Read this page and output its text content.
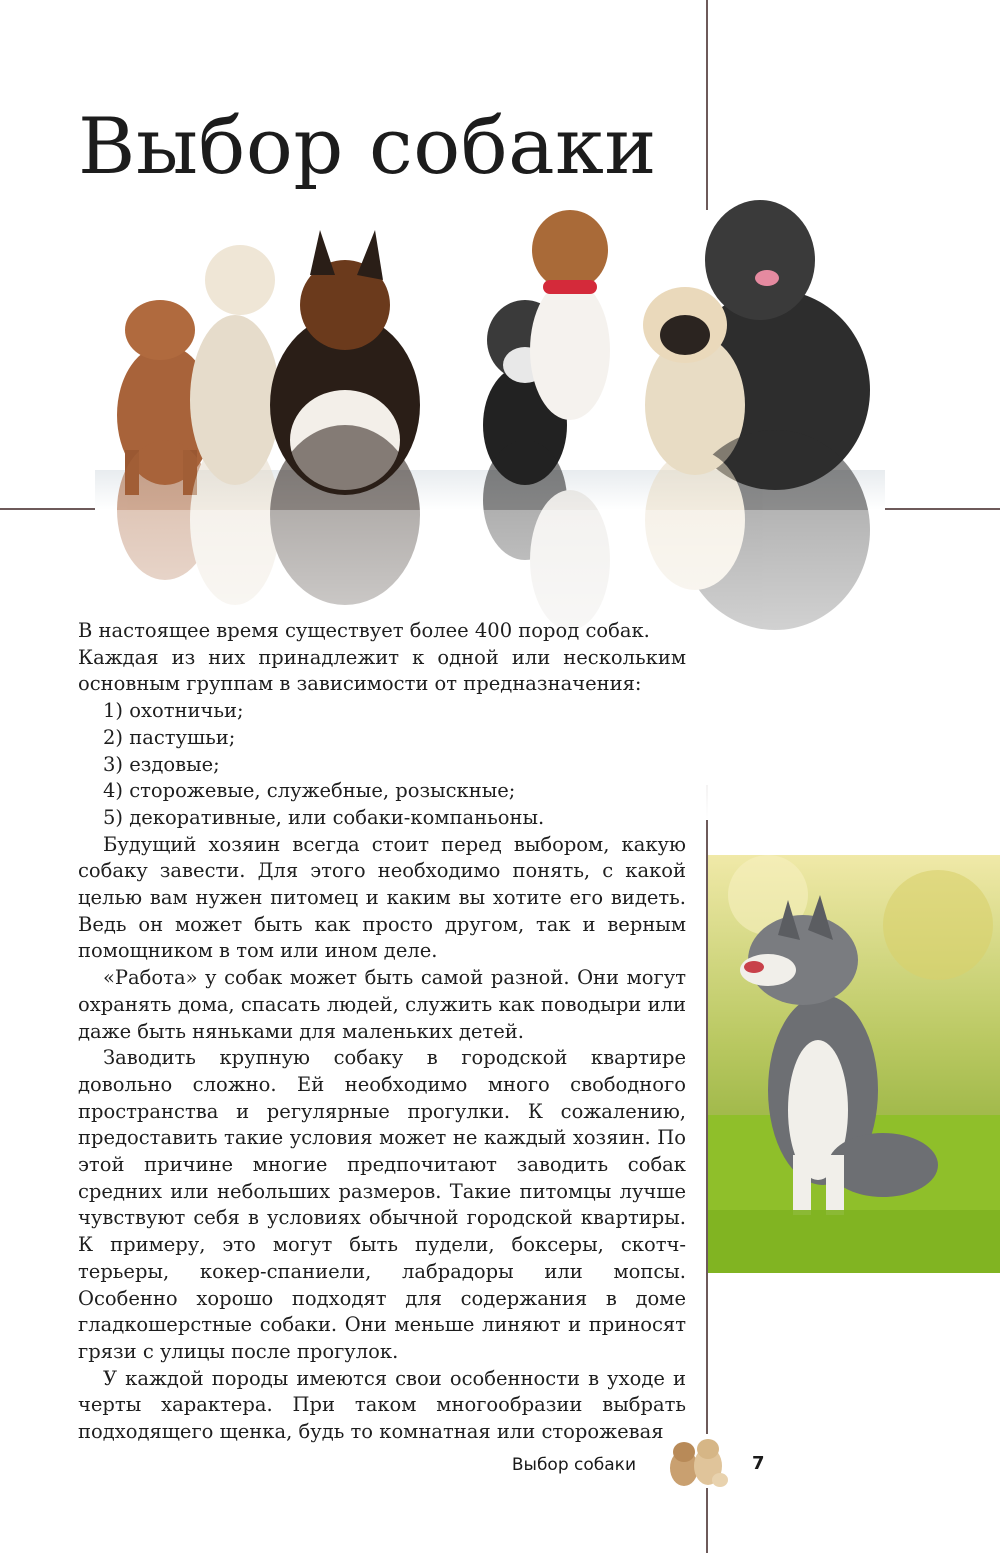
Выбор собаки

В настоящее время существует более 400 пород собак.

Каждая из них принадлежит к одной или нескольким основным группам в зависимости от предназначения:

1) охотничьи;
2) пастушьи;
3) ездовые;
4) сторожевые, служебные, розыскные;
5) декоративные, или собаки-компаньоны.

Будущий хозяин всегда стоит перед выбором, какую собаку завести. Для этого необходимо понять, с какой целью вам нужен питомец и каким вы хотите его видеть. Ведь он может быть как просто другом, так и верным помощником в том или ином деле.

«Работа» у собак может быть самой разной. Они могут охранять дома, спасать людей, служить как поводыри или даже быть няньками для маленьких детей.

Заводить крупную собаку в городской квартире довольно сложно. Ей необходимо много свободного пространства и регулярные прогулки. К сожалению, предоставить такие условия может не каждый хозяин. По этой причине многие предпочитают заводить собак средних или небольших размеров. Такие питомцы лучше чувствуют себя в условиях обычной городской квартиры. К примеру, это могут быть пудели, боксеры, скотч-терьеры, кокер-спаниели, лабрадоры или мопсы. Особенно хорошо подходят для содержания в доме гладкошерстные собаки. Они меньше линяют и приносят грязи с улицы после прогулок.

У каждой породы имеются свои особенности в уходе и черты характера. При таком многообразии выбрать подходящего щенка, будь то комнатная или сторожевая

Выбор собаки	7
